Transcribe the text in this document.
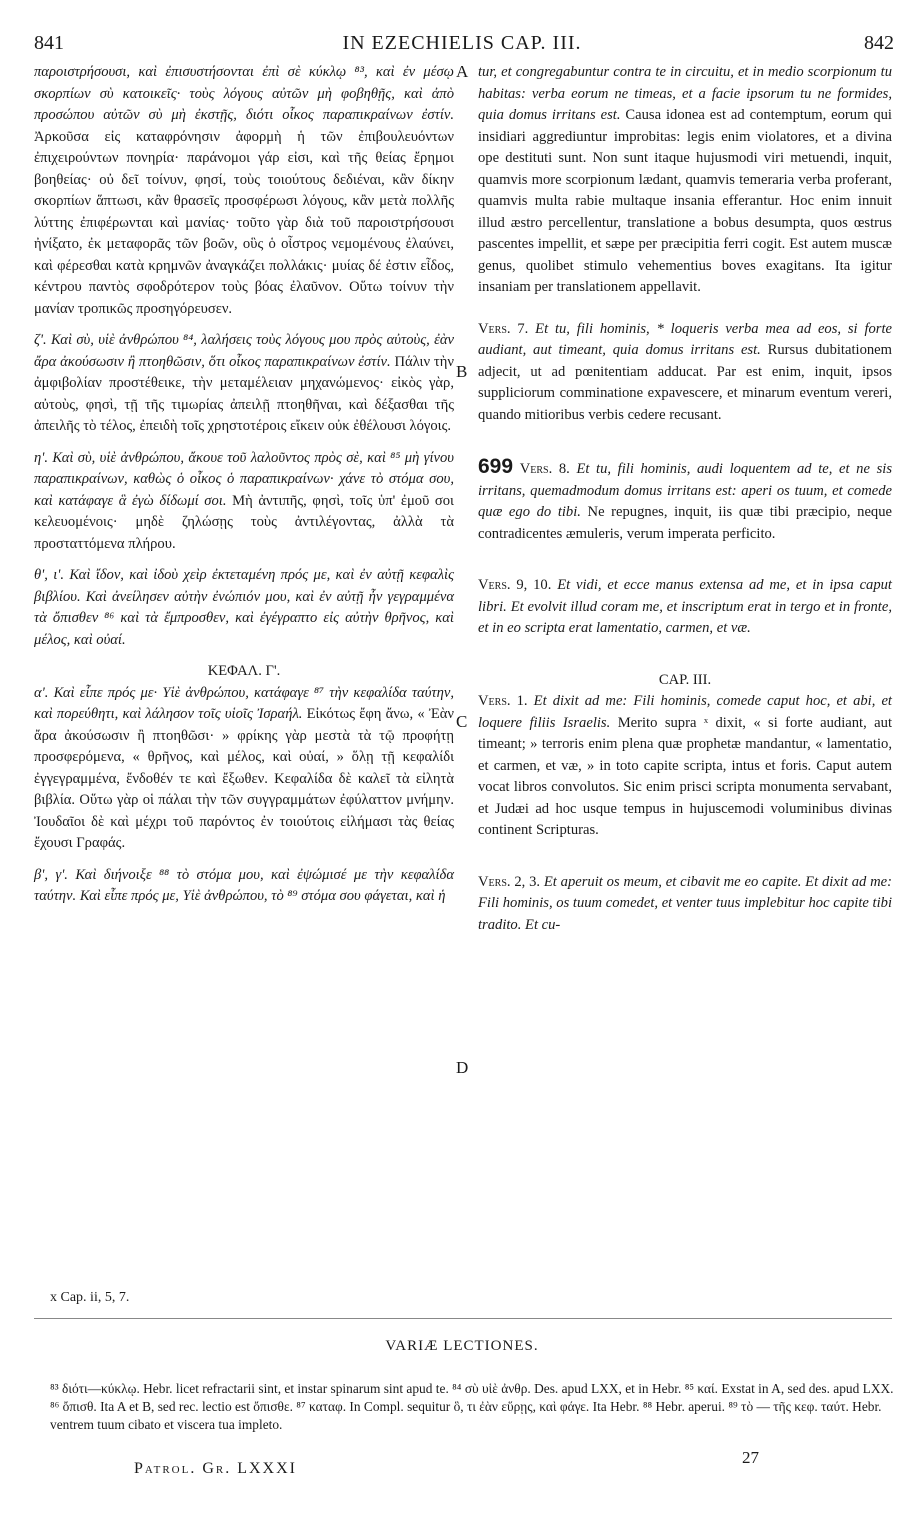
841	IN EZECHIELIS CAP. III.	842
A
B
C
D

παροιστρήσουσι, καὶ ἐπισυστήσονται ἐπὶ σὲ κύκλῳ ⁸³, καὶ ἐν μέσῳ σκορπίων σὺ κατοικεῖς· τοὺς λόγους αὐτῶν μὴ φοβηθῇς, καὶ ἀπὸ προσώπου αὐτῶν σὺ μὴ ἐκστῇς, διότι οἶκος παραπικραίνων ἐστίν. Ἀρκοῦσα εἰς καταφρόνησιν ἀφορμὴ ἡ τῶν ἐπιβουλευόντων ἐπιχειρούντων πονηρία· παράνομοι γάρ εἰσι, καὶ τῆς θείας ἔρημοι βοηθείας· οὐ δεῖ τοίνυν, φησί, τοὺς τοιούτους δεδιέναι, κἂν δίκην σκορπίων ἅπτωσι, κἂν θρασεῖς προσφέρωσι λόγους, κἂν μετὰ πολλῆς λύττης ἐπιφέρωνται καὶ μανίας· τοῦτο γὰρ διὰ τοῦ παροιστρήσουσι ἠνίξατο, ἐκ μεταφορᾶς τῶν βοῶν, οὓς ὁ οἶστρος νεμομένους ἐλαύνει, καὶ φέρεσθαι κατὰ κρημνῶν ἀναγκάζει πολλάκις· μυίας δέ ἐστιν εἶδος, κέντρου παντὸς σφοδρότερον τοὺς βόας ἐλαῦνον. Οὕτω τοίνυν τὴν μανίαν τροπικῶς προσηγόρευσεν.

ζ'. Καὶ σὺ, υἱὲ ἀνθρώπου ⁸⁴, λαλήσεις τοὺς λόγους μου πρὸς αὐτοὺς, ἐὰν ἄρα ἀκούσωσιν ἢ πτοηθῶσιν, ὅτι οἶκος παραπικραίνων ἐστίν. Πάλιν τὴν ἀμφιβολίαν προστέθεικε, τὴν μεταμέλειαν μηχανώμενος· εἰκὸς γὰρ, αὐτοὺς, φησὶ, τῇ τῆς τιμωρίας ἀπειλῇ πτοηθῆναι, καὶ δέξασθαι τῆς ἀπειλῆς τὸ τέλος, ἐπειδὴ τοῖς χρηστοτέροις εἴκειν οὐκ ἐθέλουσι λόγοις.

η'. Καὶ σὺ, υἱὲ ἀνθρώπου, ἄκουε τοῦ λαλοῦντος πρὸς σὲ, καὶ ⁸⁵ μὴ γίνου παραπικραίνων, καθὼς ὁ οἶκος ὁ παραπικραίνων· χάνε τὸ στόμα σου, καὶ κατάφαγε ἃ ἐγὼ δίδωμί σοι. Μὴ ἀντιπῆς, φησὶ, τοῖς ὑπ' ἐμοῦ σοι κελευομένοις· μηδὲ ζηλώσῃς τοὺς ἀντιλέγοντας, ἀλλὰ τὰ προσταττόμενα πλήρου.

θ', ι'. Καὶ ἴδον, καὶ ἰδοὺ χεὶρ ἐκτεταμένη πρός με, καὶ ἐν αὐτῇ κεφαλὶς βιβλίου. Καὶ ἀνείλησεν αὐτὴν ἐνώπιόν μου, καὶ ἐν αὐτῇ ἦν γεγραμμένα τὰ ὄπισθεν ⁸⁶ καὶ τὰ ἔμπροσθεν, καὶ ἐγέγραπτο εἰς αὐτὴν θρῆνος, καὶ μέλος, καὶ οὐαί.

ΚΕΦΑΛ. Γ'.

α'. Καὶ εἶπε πρός με· Υἱὲ ἀνθρώπου, κατάφαγε ⁸⁷ τὴν κεφαλίδα ταύτην, καὶ πορεύθητι, καὶ λάλησον τοῖς υἱοῖς Ἰσραήλ. Εἰκότως ἔφη ἄνω, « Ἐὰν ἄρα ἀκούσωσιν ἢ πτοηθῶσι· » φρίκης γὰρ μεστὰ τὰ τῷ προφήτῃ προσφερόμενα, « θρῆνος, καὶ μέλος, καὶ οὐαί, » ὅλῃ τῇ κεφαλίδι ἐγγεγραμμένα, ἔνδοθέν τε καὶ ἔξωθεν. Κεφαλίδα δὲ καλεῖ τὰ εἰλητὰ βιβλία. Οὕτω γὰρ οἱ πάλαι τὴν τῶν συγγραμμάτων ἐφύλαττον μνήμην. Ἰουδαῖοι δὲ καὶ μέχρι τοῦ παρόντος ἐν τοιούτοις εἰλήμασι τὰς θείας ἔχουσι Γραφάς.

β', γ'. Καὶ διήνοιξε ⁸⁸ τὸ στόμα μου, καὶ ἐψώμισέ με τὴν κεφαλίδα ταύτην. Καὶ εἶπε πρός με, Υἱὲ ἀνθρώπου, τὸ ⁸⁹ στόμα σου φάγεται, καὶ ἡ

tur, et congregabuntur contra te in circuitu, et in medio scorpionum tu habitas: verba eorum ne timeas, et a facie ipsorum tu ne formides, quia domus irritans est. Causa idonea est ad contemptum, eorum qui insidiari aggrediuntur improbitas: legis enim violatores, et a divina ope destituti sunt. Non sunt itaque hujusmodi viri metuendi, inquit, quamvis more scorpionum lædant, quamvis temeraria verba proferant, quamvis multa rabie multaque insania efferantur. Hoc enim innuit illud æstro percellentur, translatione a bobus desumpta, quos œstrus pascentes impellit, et sæpe per præcipitia ferri cogit. Est autem muscæ genus, quolibet stimulo vehementius boves exagitans. Ita igitur insaniam per translationem appellavit.

Vers. 7. Et tu, fili hominis, * loqueris verba mea ad eos, si forte audiant, aut timeant, quia domus irritans est. Rursus dubitationem adjecit, ut ad pœnitentiam adducat. Par est enim, inquit, ipsos suppliciorum comminatione expavescere, et minarum eventum vereri, quando mitioribus verbis cedere recusant.

699 Vers. 8. Et tu, fili hominis, audi loquentem ad te, et ne sis irritans, quemadmodum domus irritans est: aperi os tuum, et comede quæ ego do tibi. Ne repugnes, inquit, iis quæ tibi præcipio, neque contradicentes æmuleris, verum imperata perficito.

Vers. 9, 10. Et vidi, et ecce manus extensa ad me, et in ipsa caput libri. Et evolvit illud coram me, et inscriptum erat in tergo et in fronte, et in eo scripta erat lamentatio, carmen, et væ.

CAP. III.

Vers. 1. Et dixit ad me: Fili hominis, comede caput hoc, et abi, et loquere filiis Israelis. Merito supra ˣ dixit, « si forte audiant, aut timeant; » terroris enim plena quæ prophetæ mandantur, « lamentatio, et carmen, et væ, » in toto capite scripta, intus et foris. Caput autem vocat libros convolutos. Sic enim prisci scripta monumenta servabant, et Judæi ad hoc usque tempus in hujuscemodi voluminibus divinas continent Scripturas.

Vers. 2, 3. Et aperuit os meum, et cibavit me eo capite. Et dixit ad me: Fili hominis, os tuum comedet, et venter tuus implebitur hoc capite tibi tradito. Et cu-

x Cap. ii, 5, 7.
VARIÆ LECTIONES.

⁸³ διότι—κύκλῳ. Hebr. licet refractarii sint, et instar spinarum sint apud te. ⁸⁴ σὺ υἱὲ ἀνθρ. Des. apud LXX, et in Hebr. ⁸⁵ καί. Exstat in A, sed des. apud LXX. ⁸⁶ ὄπισθ. Ita A et B, sed rec. lectio est ὄπισθε. ⁸⁷ καταφ. In Compl. sequitur ὃ, τι ἐὰν εὕρῃς, καὶ φάγε. Ita Hebr. ⁸⁸ Hebr. aperui. ⁸⁹ τὸ — τῆς κεφ. ταύτ. Hebr. ventrem tuum cibato et viscera tua impleto.

Patrol. Gr. LXXXI
27
